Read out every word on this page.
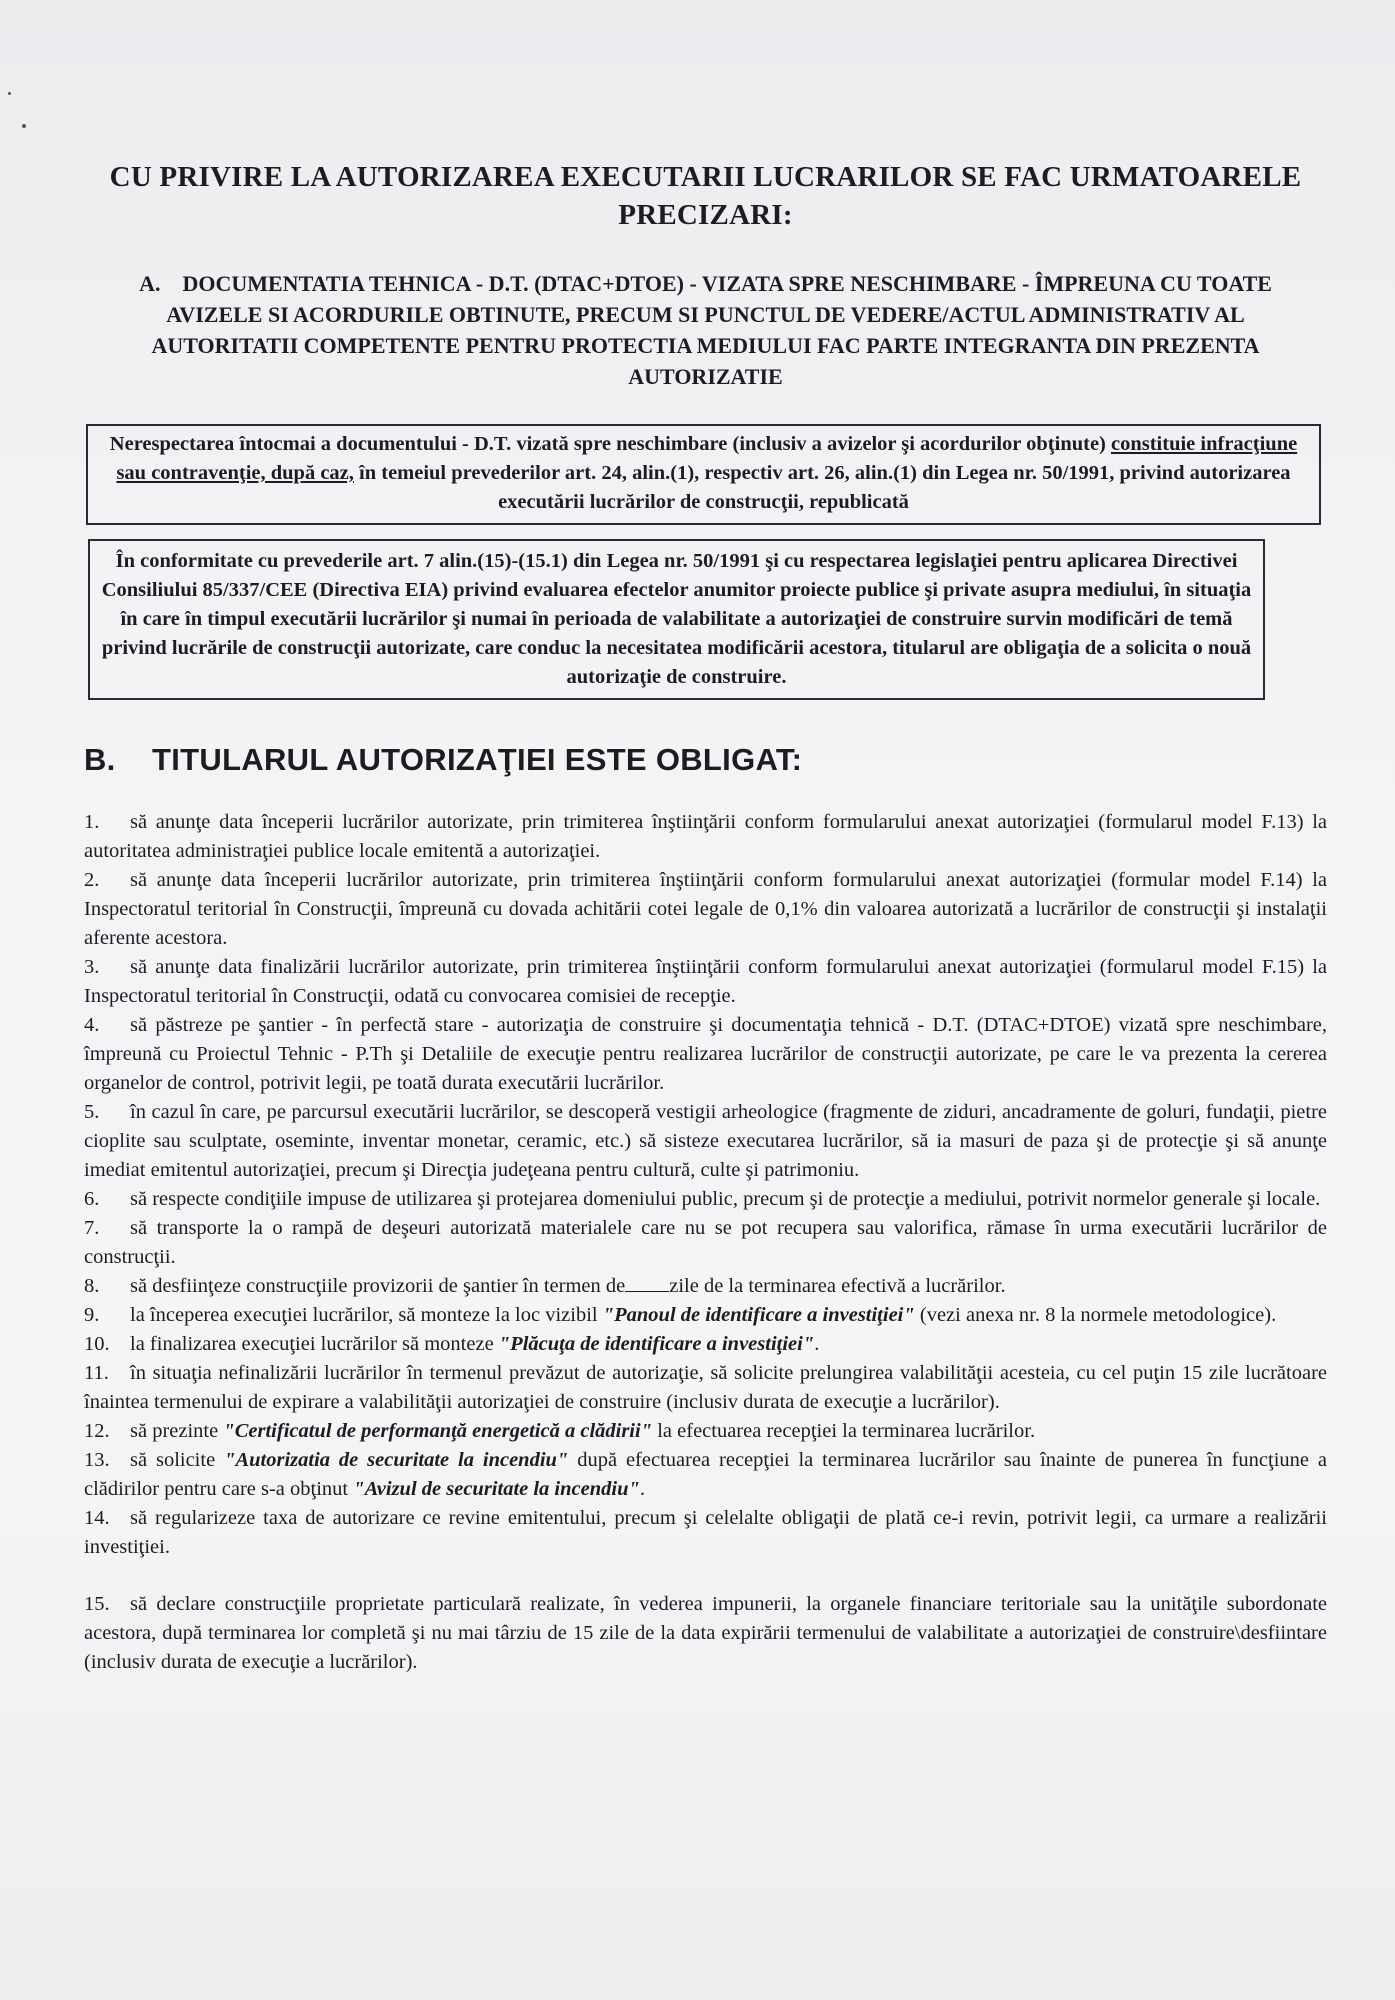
CU PRIVIRE LA AUTORIZAREA EXECUTARII LUCRARILOR SE FAC URMATOARELE PRECIZARI:
A. DOCUMENTATIA TEHNICA - D.T. (DTAC+DTOE) - VIZATA SPRE NESCHIMBARE - ÎMPREUNA CU TOATE AVIZELE SI ACORDURILE OBTINUTE, PRECUM SI PUNCTUL DE VEDERE/ACTUL ADMINISTRATIV AL AUTORITATII COMPETENTE PENTRU PROTECTIA MEDIULUI FAC PARTE INTEGRANTA DIN PREZENTA AUTORIZATIE
Nerespectarea întocmai a documentului - D.T. vizată spre neschimbare (inclusiv a avizelor şi acordurilor obţinute) constituie infracţiune sau contravenţie, după caz, în temeiul prevederilor art. 24, alin.(1), respectiv art. 26, alin.(1) din Legea nr. 50/1991, privind autorizarea executării lucrărilor de construcţii, republicată
În conformitate cu prevederile art. 7 alin.(15)-(15.1) din Legea nr. 50/1991 şi cu respectarea legislaţiei pentru aplicarea Directivei Consiliului 85/337/CEE (Directiva EIA) privind evaluarea efectelor anumitor proiecte publice şi private asupra mediului, în situaţia în care în timpul executării lucrărilor şi numai în perioada de valabilitate a autorizaţiei de construire survin modificări de temă privind lucrările de construcţii autorizate, care conduc la necesitatea modificării acestora, titularul are obligaţia de a solicita o nouă autorizaţie de construire.
B. TITULARUL AUTORIZAŢIEI ESTE OBLIGAT:
1. să anunţe data începerii lucrărilor autorizate, prin trimiterea înştiinţării conform formularului anexat autorizaţiei (formularul model F.13) la autoritatea administraţiei publice locale emitentă a autorizaţiei.
2. să anunţe data începerii lucrărilor autorizate, prin trimiterea înştiinţării conform formularului anexat autorizaţiei (formular model F.14) la Inspectoratul teritorial în Construcţii, împreună cu dovada achitării cotei legale de 0,1% din valoarea autorizată a lucrărilor de construcţii şi instalaţii aferente acestora.
3. să anunţe data finalizării lucrărilor autorizate, prin trimiterea înştiinţării conform formularului anexat autorizaţiei (formularul model F.15) la Inspectoratul teritorial în Construcţii, odată cu convocarea comisiei de recepţie.
4. să păstreze pe şantier - în perfectă stare - autorizaţia de construire şi documentaţia tehnică - D.T. (DTAC+DTOE) vizată spre neschimbare, împreună cu Proiectul Tehnic - P.Th şi Detaliile de execuţie pentru realizarea lucrărilor de construcţii autorizate, pe care le va prezenta la cererea organelor de control, potrivit legii, pe toată durata executării lucrărilor.
5. în cazul în care, pe parcursul executării lucrărilor, se descoperă vestigii arheologice (fragmente de ziduri, ancadramente de goluri, fundaţii, pietre cioplite sau sculptate, oseminte, inventar monetar, ceramic, etc.) să sisteze executarea lucrărilor, să ia masuri de paza şi de protecţie şi să anunţe imediat emitentul autorizaţiei, precum şi Direcţia judeţeana pentru cultură, culte şi patrimoniu.
6. să respecte condiţiile impuse de utilizarea şi protejarea domeniului public, precum şi de protecţie a mediului, potrivit normelor generale şi locale.
7. să transporte la o rampă de deşeuri autorizată materialele care nu se pot recupera sau valorifica, rămase în urma executării lucrărilor de construcţii.
8. să desfiinţeze construcţiile provizorii de şantier în termen de zile de la terminarea efectivă a lucrărilor.
9. la începerea execuţiei lucrărilor, să monteze la loc vizibil "Panoul de identificare a investiţiei" (vezi anexa nr. 8 la normele metodologice).
10. la finalizarea execuţiei lucrărilor să monteze "Plăcuţa de identificare a investiţiei".
11. în situaţia nefinalizării lucrărilor în termenul prevăzut de autorizaţie, să solicite prelungirea valabilităţii acesteia, cu cel puţin 15 zile lucrătoare înaintea termenului de expirare a valabilităţii autorizaţiei de construire (inclusiv durata de execuţie a lucrărilor).
12. să prezinte "Certificatul de performanţă energetică a clădirii" la efectuarea recepţiei la terminarea lucrărilor.
13. să solicite "Autorizatia de securitate la incendiu" după efectuarea recepţiei la terminarea lucrărilor sau înainte de punerea în funcţiune a clădirilor pentru care s-a obţinut "Avizul de securitate la incendiu".
14. să regularizeze taxa de autorizare ce revine emitentului, precum şi celelalte obligaţii de plată ce-i revin, potrivit legii, ca urmare a realizării investiţiei.
15. să declare construcţiile proprietate particulară realizate, în vederea impunerii, la organele financiare teritoriale sau la unităţile subordonate acestora, după terminarea lor completă şi nu mai târziu de 15 zile de la data expirării termenului de valabilitate a autorizaţiei de construire\desfiintare (inclusiv durata de execuţie a lucrărilor).
